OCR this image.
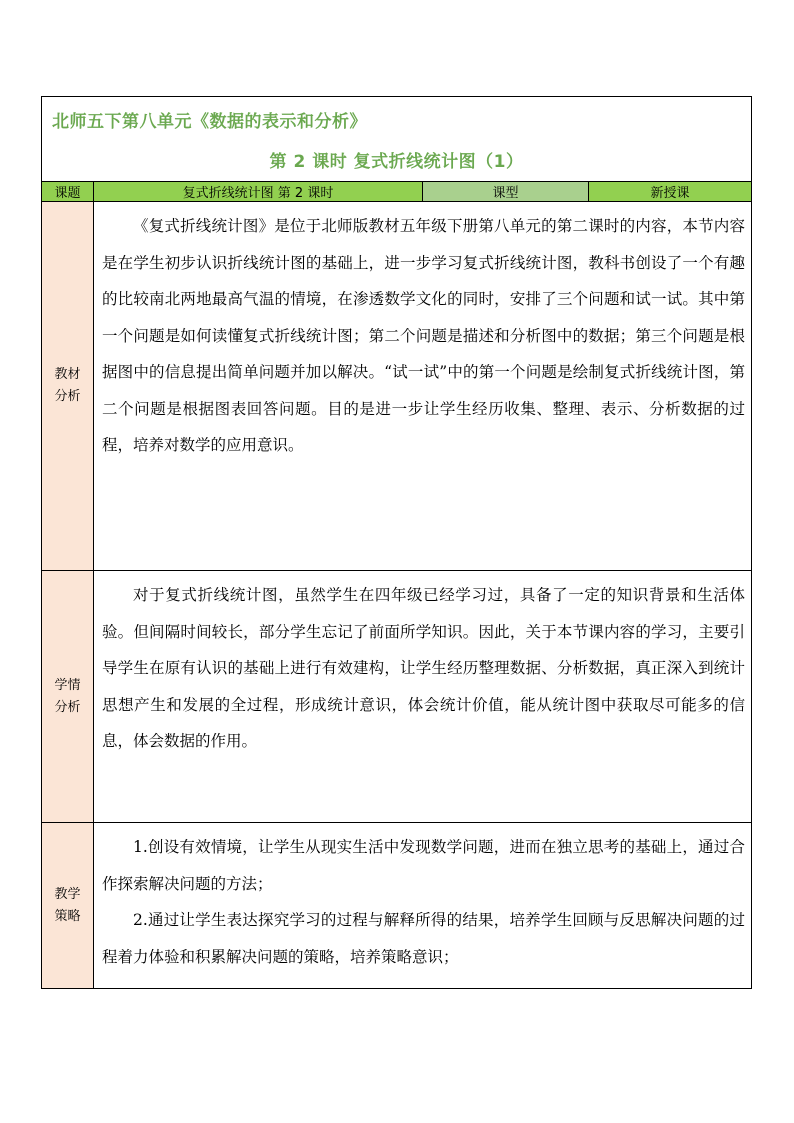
北师五下第八单元《数据的表示和分析》
第 2 课时 复式折线统计图（1）			

课题	复式折线统计图 第 2 课时	课型	新授课
教材分析	《复式折线统计图》是位于北师版教材五年级下册第八单元的第二课时的内容，本节内容是在学生初步认识折线统计图的基础上，进一步学习复式折线统计图，教科书创设了一个有趣的比较南北两地最高气温的情境，在渗透数学文化的同时，安排了三个问题和试一试。其中第一个问题是如何读懂复式折线统计图；第二个问题是描述和分析图中的数据；第三个问题是根据图中的信息提出简单问题并加以解决。“试一试”中的第一个问题是绘制复式折线统计图，第二个问题是根据图表回答问题。目的是进一步让学生经历收集、整理、表示、分析数据的过程，培养对数学的应用意识。		

学情分析	对于复式折线统计图，虽然学生在四年级已经学习过，具备了一定的知识背景和生活体验。但间隔时间较长，部分学生忘记了前面所学知识。因此，关于本节课内容的学习，主要引导学生在原有认识的基础上进行有效建构，让学生经历整理数据、分析数据，真正深入到统计思想产生和发展的全过程，形成统计意识，体会统计价值，能从统计图中获取尽可能多的信息，体会数据的作用。		

教学策略	1.创设有效情境，让学生从现实生活中发现数学问题，进而在独立思考的基础上，通过合作探索解决问题的方法；

2.通过让学生表达探究学习的过程与解释所得的结果，培养学生回顾与反思解决问题的过程着力体验和积累解决问题的策略，培养策略意识；		
